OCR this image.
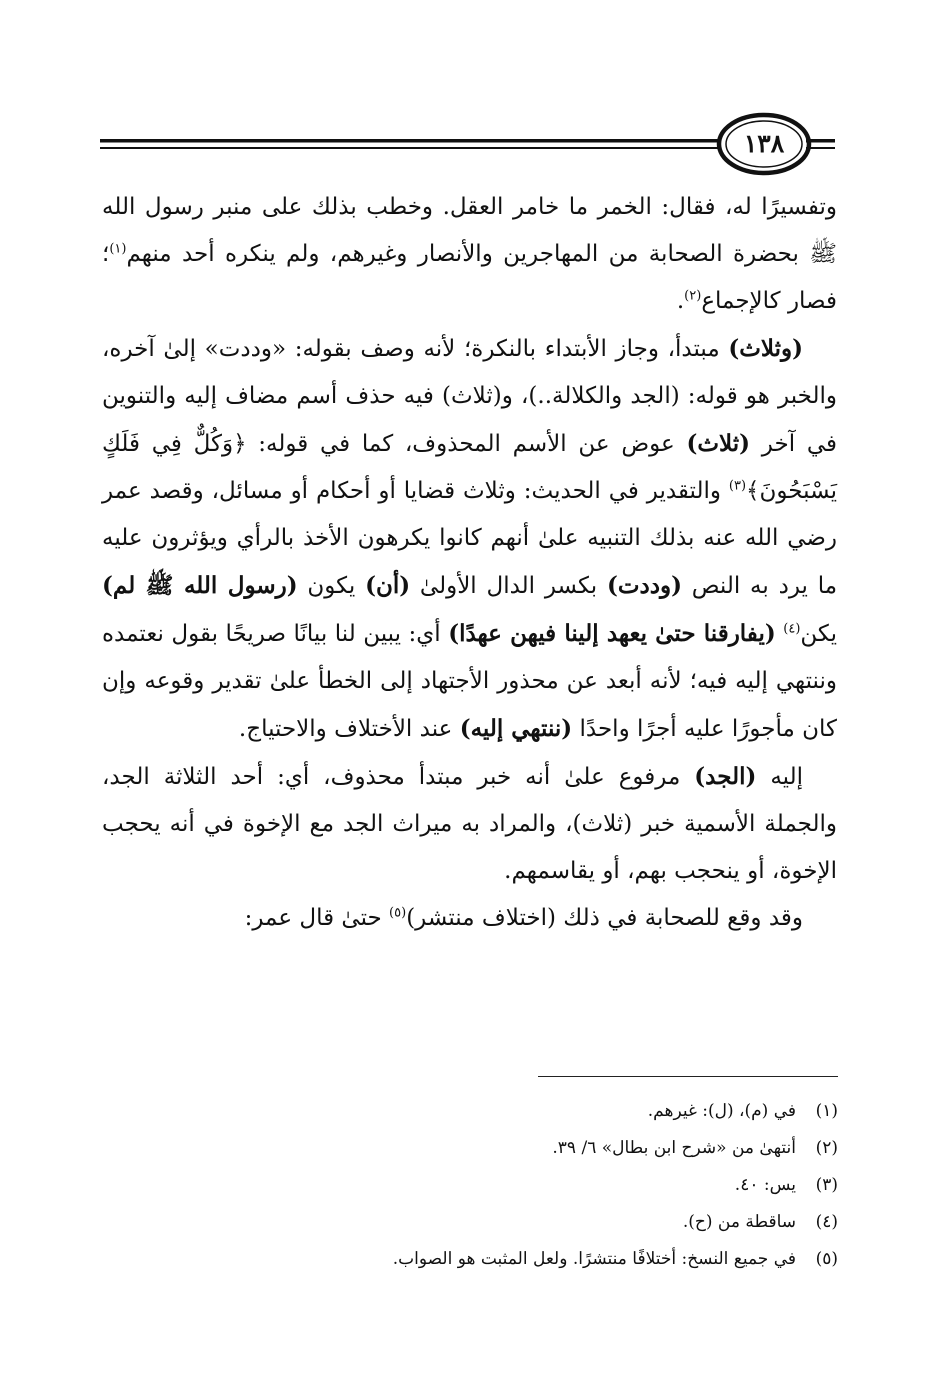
١٣٨

وتفسيرًا له، فقال: الخمر ما خامر العقل. وخطب بذلك على منبر رسول الله ﷺ بحضرة الصحابة من المهاجرين والأنصار وغيرهم، ولم ينكره أحد منهم$^{(١)}$؛ فصار كالإجماع$^{(٢)}$.

(وثلاث) مبتدأ، وجاز الأبتداء بالنكرة؛ لأنه وصف بقوله: «وددت» إلىٰ آخره، والخبر هو قوله: (الجد والكلالة..)، و(ثلاث) فيه حذف أسم مضاف إليه والتنوين في آخر (ثلاث) عوض عن الأسم المحذوف، كما في قوله: ﴿وَكُلٌّ فِي فَلَكٍ يَسْبَحُونَ﴾$^{(٣)}$ والتقدير في الحديث: وثلاث قضايا أو أحكام أو مسائل، وقصد عمر رضي الله عنه بذلك التنبيه علىٰ أنهم كانوا يكرهون الأخذ بالرأي ويؤثرون عليه ما يرد به النص (وددت) بكسر الدال الأولىٰ (أن) يكون (رسول الله ﷺ لم) يكن$^{(٤)}$ (يفارقنا حتىٰ يعهد إلينا فيهن عهدًا) أي: يبين لنا بيانًا صريحًا بقول نعتمده وننتهي إليه فيه؛ لأنه أبعد عن محذور الأجتهاد إلى الخطأ علىٰ تقدير وقوعه وإن كان مأجورًا عليه أجرًا واحدًا (ننتهي إليه) عند الأختلاف والاحتياج.

إليه (الجد) مرفوع علىٰ أنه خبر مبتدأ محذوف، أي: أحد الثلاثة الجد، والجملة الأسمية خبر (ثلاث)، والمراد به ميراث الجد مع الإخوة في أنه يحجب الإخوة، أو ينحجب بهم، أو يقاسمهم.

وقد وقع للصحابة في ذلك (اختلاف منتشر)$^{(٥)}$ حتىٰ قال عمر:

(١)في (م)، (ل): غيرهم.
(٢)أنتهىٰ من «شرح ابن بطال» ٦/ ٣٩.
(٣)يس: ٤٠.
(٤)ساقطة من (ح).
(٥)في جميع النسخ: أختلافًا منتشرًا. ولعل المثبت هو الصواب.
